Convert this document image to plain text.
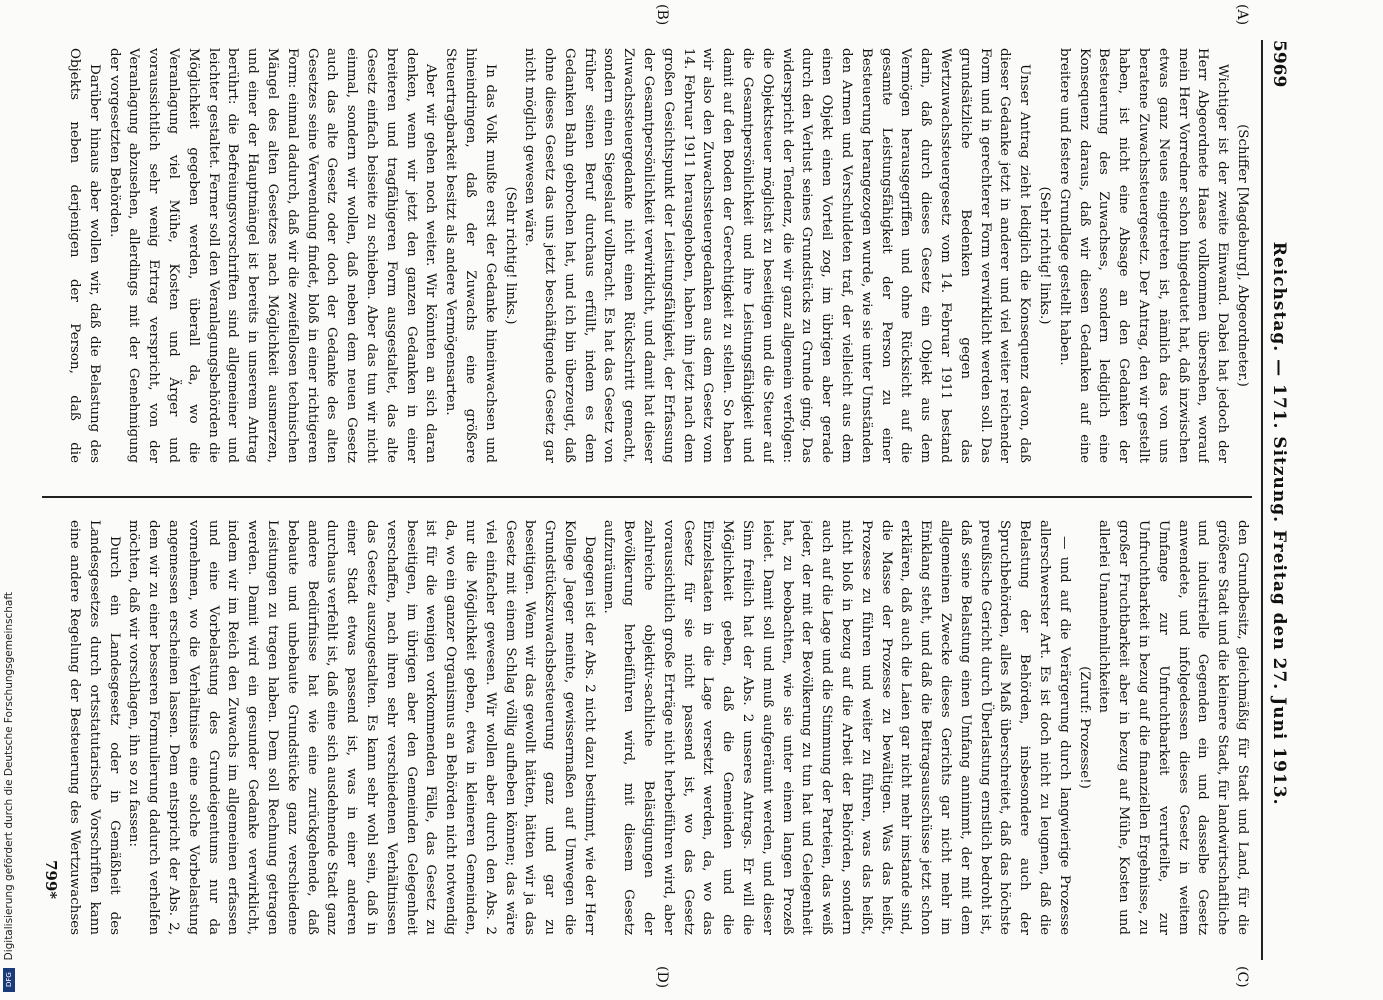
5969
Reichstag. — 171. Sitzung. Freitag den 27. Juni 1913.
(A)
(B)
(C)
(D)

(Schiffer [Magdeburg], Abgeordneter.)

Wichtiger ist der zweite Einwand. Dabei hat jedoch der Herr Abgeordnete Haase vollkommen übersehen, worauf mein Herr Vorredner schon hingedeutet hat, daß inzwischen etwas ganz Neues eingetreten ist, nämlich das von uns beratene Zuwachssteuergesetz. Der Antrag, den wir gestellt haben, ist nicht eine Absage an den Gedanken der Besteuerung des Zuwachses, sondern lediglich eine Konsequenz daraus, daß wir diesen Gedanken auf eine breitere und festere Grundlage gestellt haben.

(Sehr richtig! links.)

Unser Antrag zieht lediglich die Konsequenz davon, daß dieser Gedanke jetzt in anderer und viel weiter reichender Form und in gerechterer Form verwirklicht werden soll. Das grundsätzliche Bedenken gegen das Wertzuwachssteuergesetz vom 14. Februar 1911 bestand darin, daß durch dieses Gesetz ein Objekt aus dem Vermögen herausgegriffen und ohne Rücksicht auf die gesamte Leistungsfähigkeit der Person zu einer Besteuerung herangezogen wurde, wie sie unter Umständen den Armen und Verschuldeten traf, der vielleicht aus dem einen Objekt einen Vorteil zog, im übrigen aber gerade durch den Verlust seines Grundstücks zu Grunde ging. Das widerspricht der Tendenz, die wir ganz allgemein verfolgen: die Objektsteuer möglichst zu beseitigen und die Steuer auf die Gesamtpersönlichkeit und ihre Leistungsfähigkeit und damit auf den Boden der Gerechtigkeit zu stellen. So haben wir also den Zuwachssteuergedanken aus dem Gesetz vom 14. Februar 1911 herausgehoben, haben ihn jetzt nach dem großen Gesichtspunkt der Leistungsfähigkeit, der Erfassung der Gesamtpersönlichkeit verwirklicht, und damit hat dieser Zuwachssteuergedanke nicht einen Rückschritt gemacht, sondern einen Siegeslauf vollbracht. Es hat das Gesetz von früher seinen Beruf durchaus erfüllt, indem es dem Gedanken Bahn gebrochen hat, und ich bin überzeugt, daß ohne dieses Gesetz das uns jetzt beschäftigende Gesetz gar nicht möglich gewesen wäre.

(Sehr richtig! links.)

In das Volk mußte erst der Gedanke hineinwachsen und hineindringen, daß der Zuwachs eine größere Steuertragbarkeit besitzt als andere Vermögensarten.

Aber wir gehen noch weiter. Wir könnten an sich daran denken, wenn wir jetzt den ganzen Gedanken in einer breiteren und tragfähigeren Form ausgestaltet, das alte Gesetz einfach beiseite zu schieben. Aber das tun wir nicht einmal, sondern wir wollen, daß neben dem neuen Gesetz auch das alte Gesetz oder doch der Gedanke des alten Gesetzes seine Verwendung findet, bloß in einer richtigeren Form: einmal dadurch, daß wir die zweifellosen technischen Mängel des alten Gesetzes nach Möglichkeit ausmerzen, und einer der Hauptmängel ist bereits in unserem Antrag berührt: die Befreiungsvorschriften sind allgemeiner und leichter gestaltet. Ferner soll den Veranlagungsbehörden die Möglichkeit gegeben werden, überall da, wo die Veranlagung viel Mühe, Kosten und Ärger und voraussichtlich sehr wenig Ertrag verspricht, von der Veranlagung abzusehen, allerdings mit der Genehmigung der vorgesetzten Behörden.

Darüber hinaus aber wollen wir, daß die Belastung des Objekts neben derjenigen der Person, daß die

den Grundbesitz, gleichmäßig für Stadt und Land, für die größere Stadt und die kleinere Stadt, für landwirtschaftliche und industrielle Gegenden ein und dasselbe Gesetz anwendete, und infolgedessen dieses Gesetz in weitem Umfange zur Unfruchtbarkeit verurteilte, zur Unfruchtbarkeit in bezug auf die finanziellen Ergebnisse, zu großer Fruchtbarkeit aber in bezug auf Mühe, Kosten und allerlei Unannehmlichkeiten

(Zuruf: Prozesse!)

— und auf die Verärgerung durch langwierige Prozesse allerschwerster Art. Es ist doch nicht zu leugnen, daß die Belastung der Behörden, insbesondere auch der Spruchbehörden, alles Maß überschreitet, daß das höchste preußische Gericht durch Überlastung ernstlich bedroht ist, daß seine Belastung einen Umfang annimmt, der mit dem allgemeinen Zwecke dieses Gerichts gar nicht mehr im Einklang steht, und daß die Beitragsausschüsse jetzt schon erklären, daß auch die Laien gar nicht mehr imstande sind, die Masse der Prozesse zu bewältigen. Was das heißt, Prozesse zu führen und weiter zu führen, was das heißt, nicht bloß in bezug auf die Arbeit der Behörden, sondern auch auf die Lage und die Stimmung der Parteien, das weiß jeder, der mit der Bevölkerung zu tun hat und Gelegenheit hat, zu beobachten, wie sie unter einem langen Prozeß leidet. Damit soll und muß aufgeräumt werden, und dieser Sinn freilich hat der Abs. 2 unseres Antrags. Er will die Möglichkeit geben, daß die Gemeinden und die Einzelstaaten in die Lage versetzt werden, da, wo das Gesetz für sie nicht passend ist, wo das Gesetz voraussichtlich große Erträge nicht herbeiführen wird, aber zahlreiche objektiv-sachliche Belästigungen der Bevölkerung herbeiführen wird, mit diesem Gesetz aufzuräumen.

Dagegen ist der Abs. 2 nicht dazu bestimmt, wie der Herr Kollege Jaeger meinte, gewissermaßen auf Umwegen die Grundstückszuwachsbesteuerung ganz und gar zu beseitigen. Wenn wir das gewollt hätten, hätten wir ja das Gesetz mit einem Schlag völlig aufheben können; das wäre viel einfacher gewesen. Wir wollen aber durch den Abs. 2 nur die Möglichkeit geben, etwa in kleineren Gemeinden, da, wo ein ganzer Organismus an Behörden nicht notwendig ist für die wenigen vorkommenden Fälle, das Gesetz zu beseitigen, im übrigen aber den Gemeinden Gelegenheit verschaffen, nach ihren sehr verschiedenen Verhältnissen das Gesetz auszugestalten. Es kann sehr wohl sein, daß in einer Stadt etwas passend ist, was in einer anderen durchaus verfehlt ist, daß eine sich ausdehnende Stadt ganz andere Bedürfnisse hat wie eine zurückgehende, daß bebaute und unbebaute Grundstücke ganz verschiedene Leistungen zu tragen haben. Dem soll Rechnung getragen werden. Damit wird ein gesunder Gedanke verwirklicht, indem wir im Reich den Zuwachs im allgemeinen erfassen und eine Vorbelastung des Grundeigentums nur da vornehmen, wo die Verhältnisse eine solche Vorbelastung angemessen erscheinen lassen. Dem entspricht der Abs. 2, dem wir zu einer besseren Formulierung dadurch verhelfen möchten, daß wir vorschlagen, ihn so zu fassen:

Durch ein Landesgesetz oder in Gemäßheit des Landesgesetzes durch ortsstatutarische Vorschriften kann eine andere Regelung der Besteuerung des Wertzuwachses

799*
Digitalisierung gefördert durch die Deutsche Forschungsgemeinschaft
DFG
